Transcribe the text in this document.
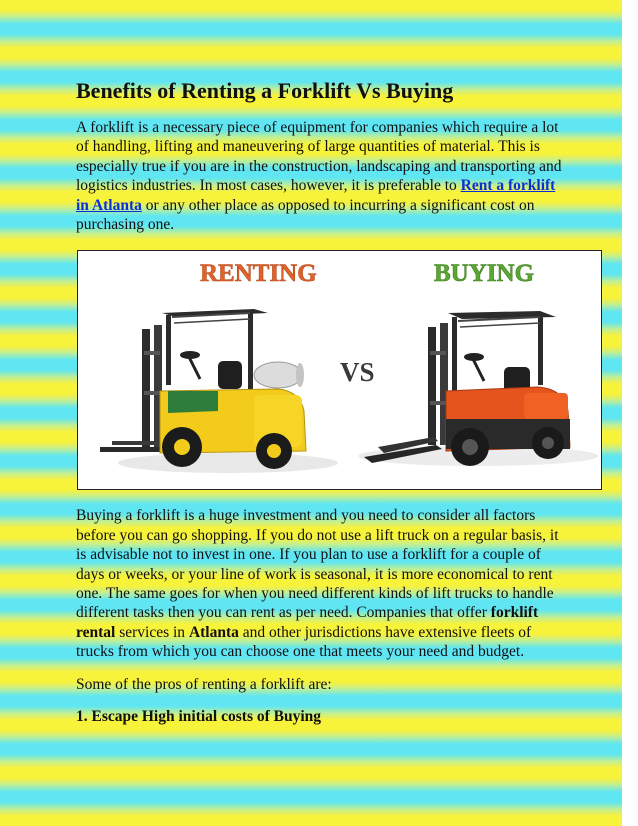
Benefits of Renting a Forklift Vs Buying

A forklift is a necessary piece of equipment for companies which require a lot of handling, lifting and maneuvering of large quantities of material. This is especially true if you are in the construction, landscaping and transporting and logistics industries. In most cases, however, it is preferable to Rent a forklift in Atlanta or any other place as opposed to incurring a significant cost on purchasing one.

RENTING
VS
BUYING

Buying a forklift is a huge investment and you need to consider all factors before you can go shopping. If you do not use a lift truck on a regular basis, it is advisable not to invest in one. If you plan to use a forklift for a couple of days or weeks, or your line of work is seasonal, it is more economical to rent one. The same goes for when you need different kinds of lift trucks to handle different tasks then you can rent as per need. Companies that offer forklift rental services in Atlanta and other jurisdictions have extensive fleets of trucks from which you can choose one that meets your need and budget.

Some of the pros of renting a forklift are:

1. Escape High initial costs of Buying
